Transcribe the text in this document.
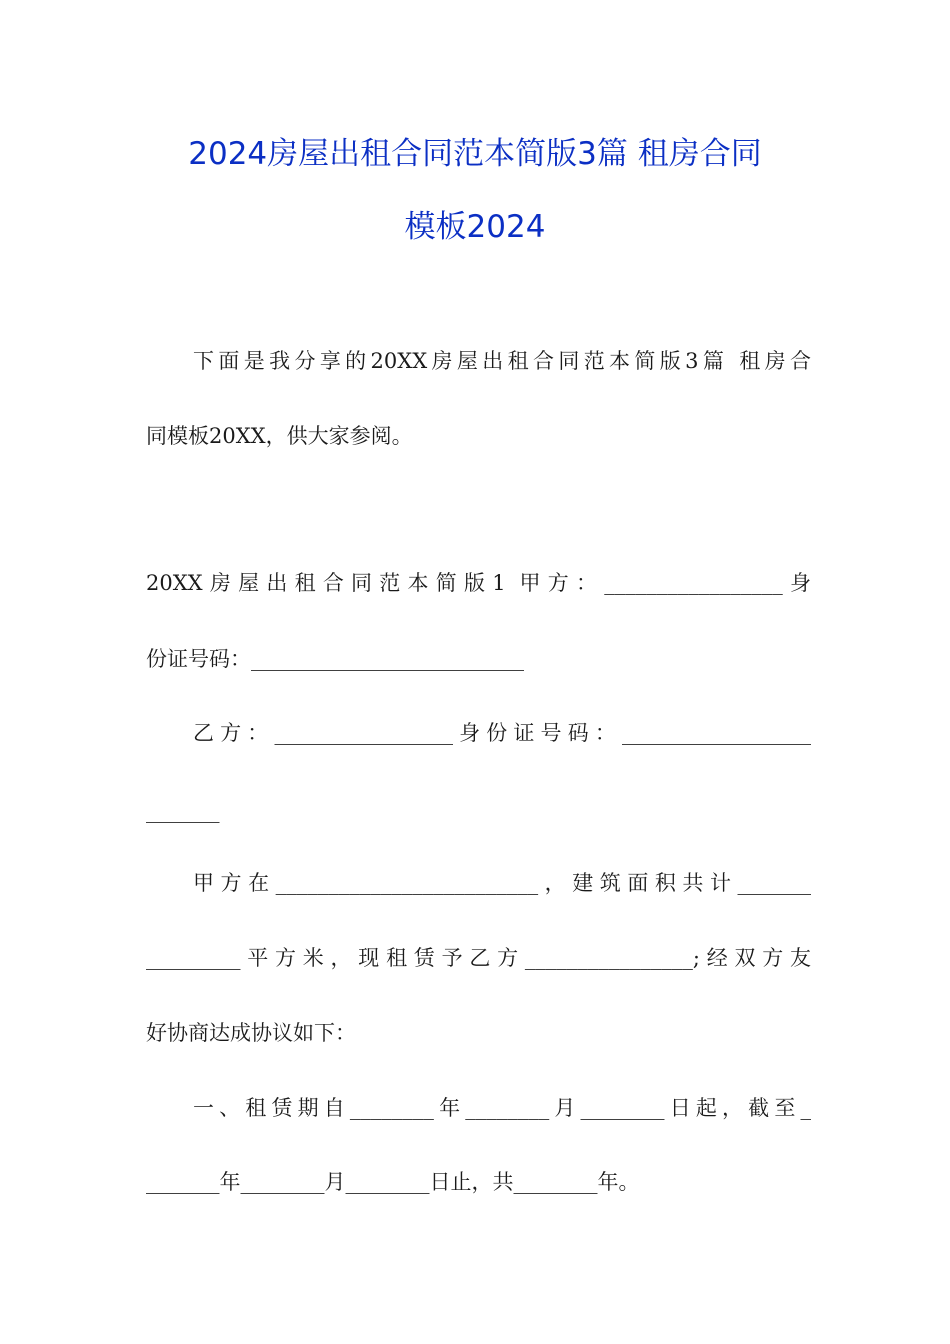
2024房屋出租合同范本简版3篇 租房合同
模板2024
下面是我分享的20XX房屋出租合同范本简版3篇 租房合
同模板20XX，供大家参阅。
20XX房屋出租合同范本简版1 甲方：_________________身
份证号码：__________________________
乙方：_________________身份证号码：__________________
_______
甲方在_________________________，建筑面积共计_______
_________平方米，现租赁予乙方________________;经双方友
好协商达成协议如下：
一、租赁期自________年________月________日起，截至_
_______年________月________日止，共________年。
